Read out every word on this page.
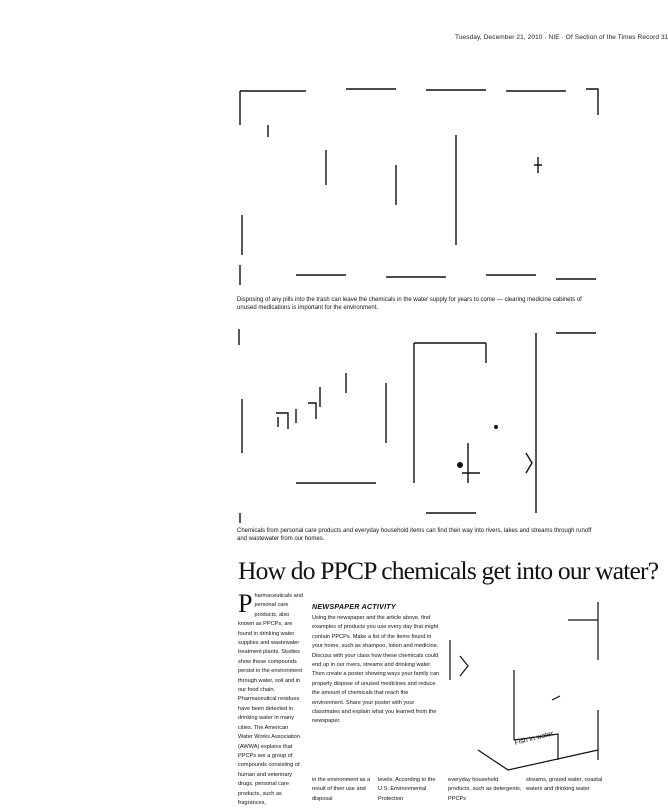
Tuesday, December 21, 2010 · NIE · Of Section of the Times Record 31
Disposing of any pills into the trash can leave the chemicals in the water supply for years to come — clearing medicine cabinets of unused medications is important for the environment.
Chemicals from personal care products and everyday household items can find their way into rivers, lakes and streams through runoff and wastewater from our homes.
How do PPCP chemicals get into our water?
Pharmaceuticals and personal care products, also known as PPCPs, are found in drinking water supplies and wastewater treatment plants. Studies show these compounds persist in the environment through water, soil and in our food chain. Pharmaceutical residues have been detected in drinking water in many cities. The American Water Works Association (AWWA) explains that PPCPs are a group of compounds consisting of human and veterinary drugs, personal care products, such as fragrances,
NEWSPAPER ACTIVITY
Using the newspaper and the article above, find examples of products you use every day that might contain PPCPs. Make a list of the items found in your home, such as shampoo, lotion and medicine. Discuss with your class how these chemicals could end up in our rivers, streams and drinking water. Then create a poster showing ways your family can properly dispose of unused medicines and reduce the amount of chemicals that reach the environment. Share your poster with your classmates and explain what you learned from the newspaper.
in the environment as a result of their use and disposal
levels. According to the U.S. Environmental Protection
everyday household products, such as detergents, PPCPs
streams, ground water, coastal waters and drinking water
Fish in water
